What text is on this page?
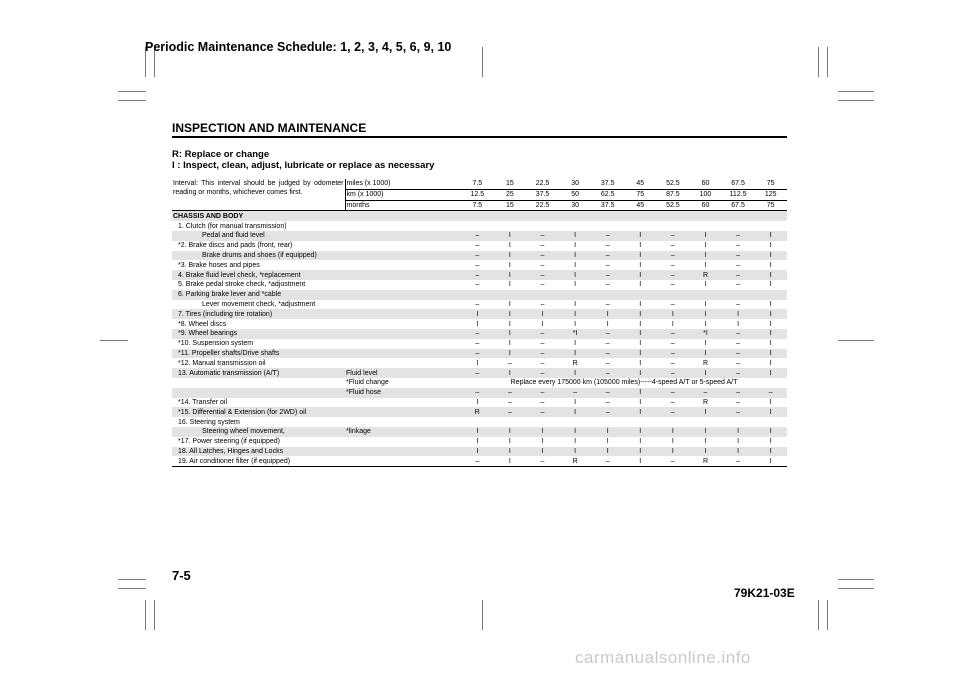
Periodic Maintenance Schedule: 1, 2, 3, 4, 5, 6, 9, 10
INSPECTION AND MAINTENANCE
R: Replace or change
I : Inspect, clean, adjust, lubricate or replace as necessary
Interval: This interval should be judged by odometer reading or months, whichever comes first.	miles (x 1000)	7.5	15	22.5	30	37.5	45	52.5	60	67.5	75
	km (x 1000)	12.5	25	37.5	50	62.5	75	87.5	100	112.5	125
	months	7.5	15	22.5	30	37.5	45	52.5	60	67.5	75
CHASSIS AND BODY											
1. Clutch (for manual transmission)											
Pedal and fluid level		–	I	–	I	–	I	–	I	–	I
*2. Brake discs and pads (front, rear)		–	I	–	I	–	I	–	I	–	I
Brake drums and shoes (if equipped)		–	I	–	I	–	I	–	I	–	I
*3. Brake hoses and pipes		–	I	–	I	–	I	–	I	–	I
4. Brake fluid level check, *replacement		–	I	–	I	–	I	–	R	–	I
5. Brake pedal stroke check, *adjustment		–	I	–	I	–	I	–	I	–	I
6. Parking brake lever and *cable											
Lever movement check, *adjustment		–	I	–	I	–	I	–	I	–	I
7. Tires (including tire rotation)		I	I	I	I	I	I	I	I	I	I
*8. Wheel discs		I	I	I	I	I	I	I	I	I	I
*9. Wheel bearings		–	I	–	*I	–	I	–	*I	–	I
*10. Suspension system		–	I	–	I	–	I	–	I	–	I
*11. Propeller shafts/Drive shafts		–	I	–	I	–	I	–	I	–	I
*12. Manual transmission oil		I	–	–	R	–	I	–	R	–	I
13. Automatic transmission (A/T)	Fluid level	–	I	–	I	–	I	–	I	–	I
	*Fluid change	Replace every 175000 km (105000 miles)-----4-speed A/T or 5-speed A/T									
	*Fluid hose	–	–	–	–	–	I	–	–	–	–
*14. Transfer oil		I	–	–	I	–	I	–	R	–	I
*15. Differential & Extension (for 2WD) oil		R	–	–	I	–	I	–	I	–	I
16. Steering system											
Steering wheel movement,	*linkage	I	I	I	I	I	I	I	I	I	I
*17. Power steering (if equipped)		I	I	I	I	I	I	I	I	I	I
18. All Latches, Hinges and Locks		I	I	I	I	I	I	I	I	I	I
19. Air conditioner filter (if equipped)		–	I	–	R	–	I	–	R	–	I
7-5
79K21-03E
carmanualsonline.info
